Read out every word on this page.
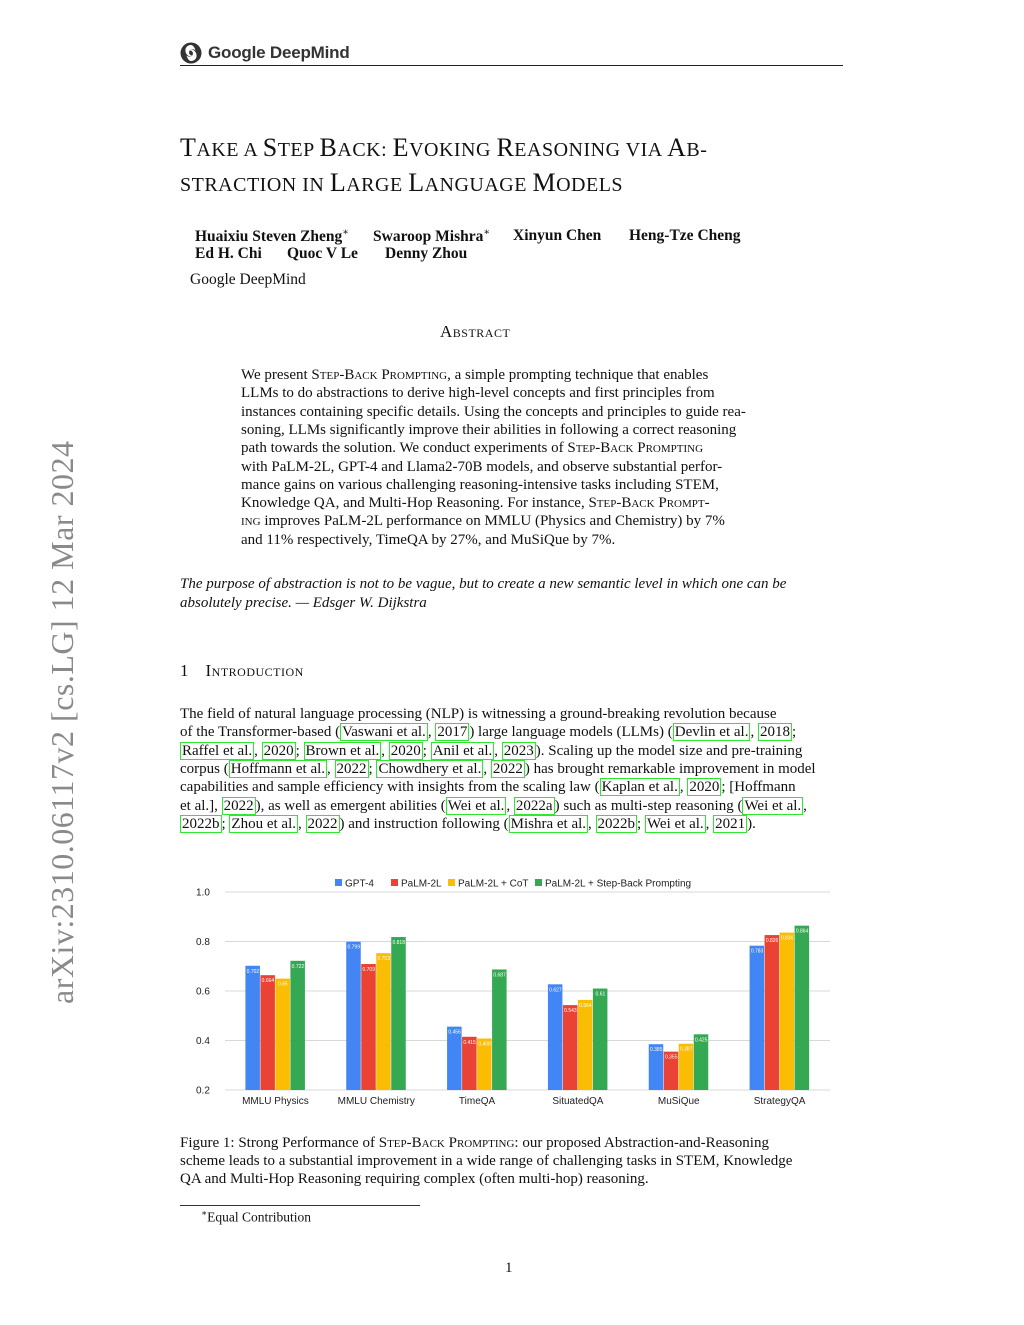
Google DeepMind
arXiv:2310.06117v2 [cs.LG] 12 Mar 2024
TAKE A STEP BACK: EVOKING REASONING VIA AB-
STRACTION IN LARGE LANGUAGE MODELS
Huaixiu Steven Zheng∗ Swaroop Mishra∗ Xinyun Chen Heng-Tze Cheng
Ed H. Chi Quoc V Le Denny Zhou
Google DeepMind
Abstract
We present Step-Back Prompting, a simple prompting technique that enables
LLMs to do abstractions to derive high-level concepts and first principles from
instances containing specific details. Using the concepts and principles to guide rea-
soning, LLMs significantly improve their abilities in following a correct reasoning
path towards the solution. We conduct experiments of Step-Back Prompting
with PaLM-2L, GPT-4 and Llama2-70B models, and observe substantial perfor-
mance gains on various challenging reasoning-intensive tasks including STEM,
Knowledge QA, and Multi-Hop Reasoning. For instance, Step-Back Prompt-
ing improves PaLM-2L performance on MMLU (Physics and Chemistry) by 7%
and 11% respectively, TimeQA by 27%, and MuSiQue by 7%.
The purpose of abstraction is not to be vague, but to create a new semantic level in which one can be
absolutely precise. — Edsger W. Dijkstra
1 Introduction
The field of natural language processing (NLP) is witnessing a ground-breaking revolution because
of the Transformer-based ( Vaswani et al. , 2017 ) large language models (LLMs) ( Devlin et al. , 2018 ;
Raffel et al. , 2020 ; Brown et al. , 2020 ; Anil et al. , 2023 ). Scaling up the model size and pre-training
corpus ( Hoffmann et al. , 2022 ; Chowdhery et al. , 2022 ) has brought remarkable improvement in model
capabilities and sample efficiency with insights from the scaling law ( Kaplan et al. , 2020 ; [Hoffmann
et al.], 2022 ), as well as emergent abilities ( Wei et al. , 2022a ) such as multi-step reasoning ( Wei et al. ,
2022b ; Zhou et al. , 2022 ) and instruction following ( Mishra et al. , 2022b ; Wei et al. , 2021 ).
GPT-4	PaLM-2L PaLM-2L + CoT PaLM-2L + Step-Back Prompting
0.2
0.4
0.6
0.8
1.0
0.702
0.664
0.65
0.722
0.799
0.709
0.753
0.818
0.456
0.415 0.408
0.687
0.627
0.543
0.564
0.61
0.385
0.355
0.387
0.425
0.783
0.826 0.836
0.864
MMLU Physics	MMLU Chemistry	TimeQA	SituatedQA	MuSiQue	StrategyQA
Figure 1: Strong Performance of Step-Back Prompting: our proposed Abstraction-and-Reasoning
scheme leads to a substantial improvement in a wide range of challenging tasks in STEM, Knowledge
QA and Multi-Hop Reasoning requiring complex (often multi-hop) reasoning.
∗Equal Contribution
1
